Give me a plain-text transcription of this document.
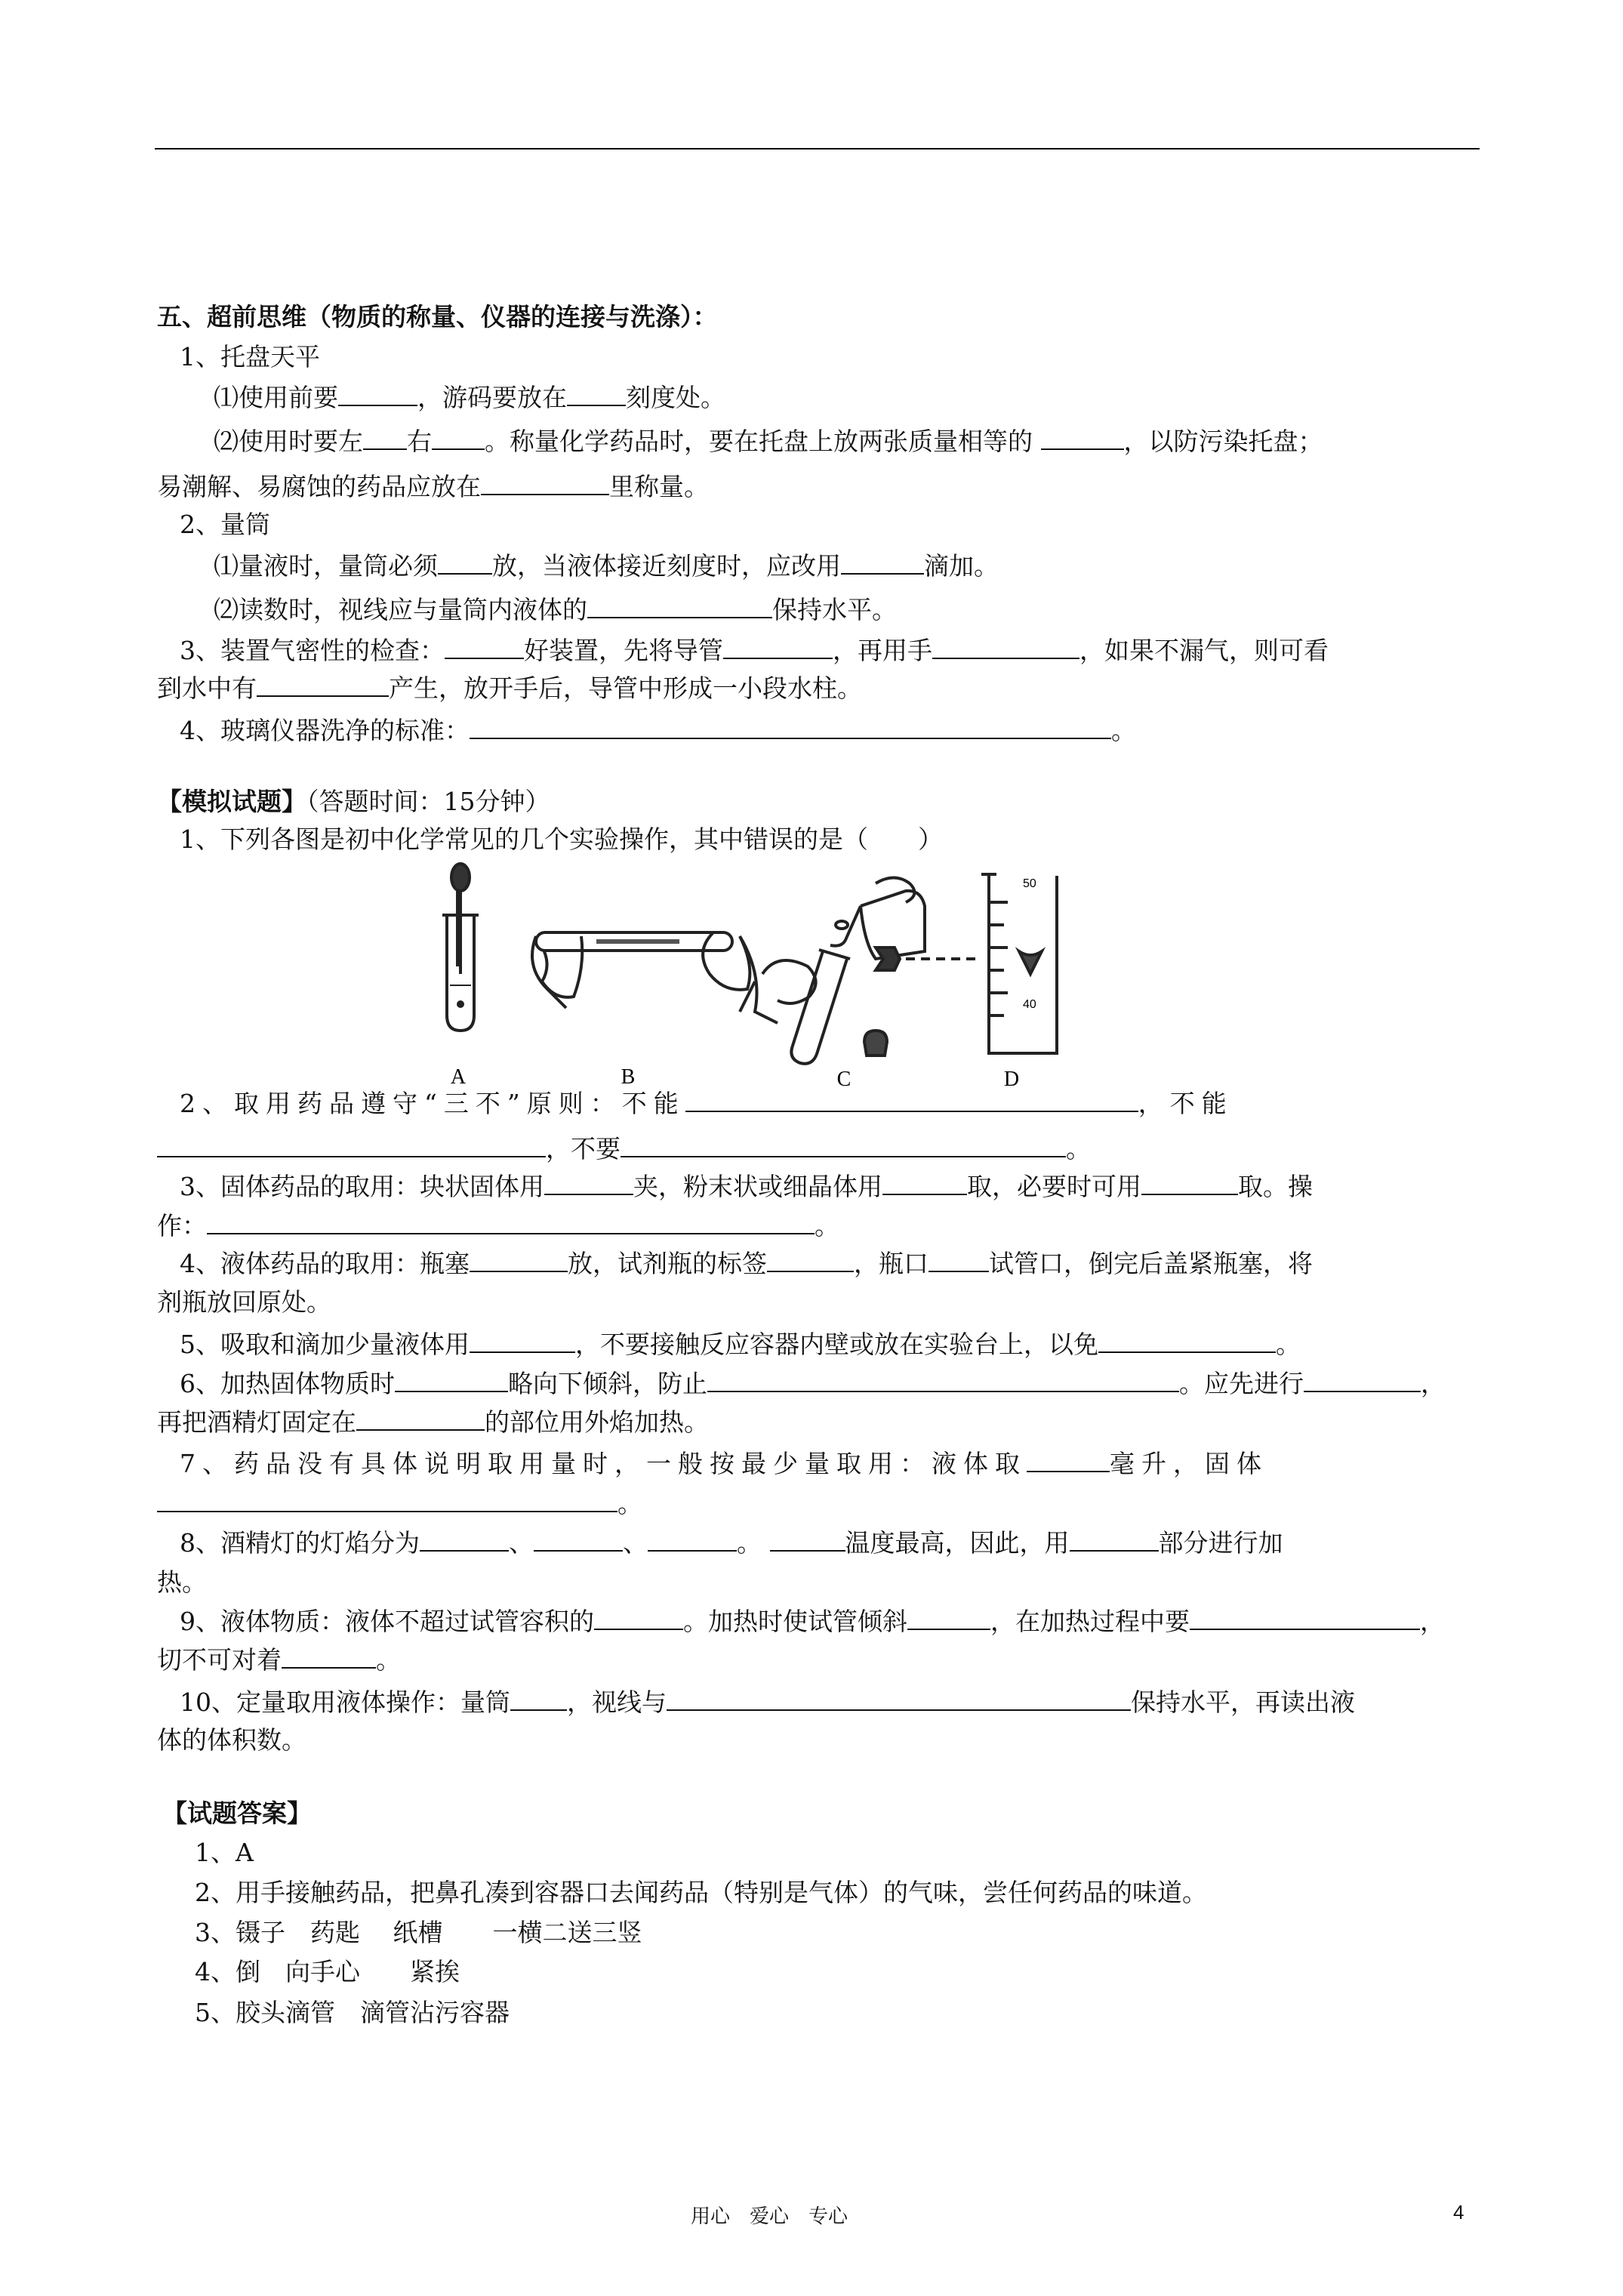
五、超前思维（物质的称量、仪器的连接与洗涤）：
1、托盘天平
⑴使用前要	，游码要放在 刻度处。
⑵使用时要左 右 。称量化学药品时，要在托盘上放两张质量相等的	，以防污染托盘；
易潮解、易腐蚀的药品应放在	里称量。
2、量筒
⑴量液时，量筒必须 放，当液体接近刻度时，应改用	滴加。
⑵读数时，视线应与量筒内液体的	保持水平。
3、装置气密性的检查：	好装置，先将导管	，再用手	，如果不漏气，则可看
到水中有	产生，放开手后，导管中形成一小段水柱。
4、玻璃仪器洗净的标准：	。
【模拟试题】（答题时间：15分钟）
1、下列各图是初中化学常见的几个实验操作，其中错误的是（　　）
A	B	C
50
40
D
2、取用药品遵守“三不”原则：不能	，不能
，不要	。
3、固体药品的取用：块状固体用	夹，粉末状或细晶体用	取，必要时可用	取。操
作：	。
4、液体药品的取用：瓶塞	放，试剂瓶的标签	，瓶口 试管口，倒完后盖紧瓶塞，将
剂瓶放回原处。
5、吸取和滴加少量液体用	，不要接触反应容器内壁或放在实验台上，以免	。
6、加热固体物质时	略向下倾斜，防止	。应先进行	，
再把酒精灯固定在	的部位用外焰加热。
7、药品没有具体说明取用量时，一般按最少量取用：液体取	毫升，固体
。
8、酒精灯的灯焰分为	、	、	。	温度最高，因此，用	部分进行加
热。
9、液体物质：液体不超过试管容积的	。加热时使试管倾斜	，在加热过程中要	，
切不可对着	。
10、定量取用液体操作：量筒 ，视线与	保持水平，再读出液
体的体积数。
【试题答案】
1、A
2、用手接触药品，把鼻孔凑到容器口去闻药品（特别是气体）的气味，尝任何药品的味道。
3、镊子　药匙　 纸槽　　一横二送三竖
4、倒　向手心　　紧挨
5、胶头滴管　滴管沾污容器
用心　爱心　专心	4
